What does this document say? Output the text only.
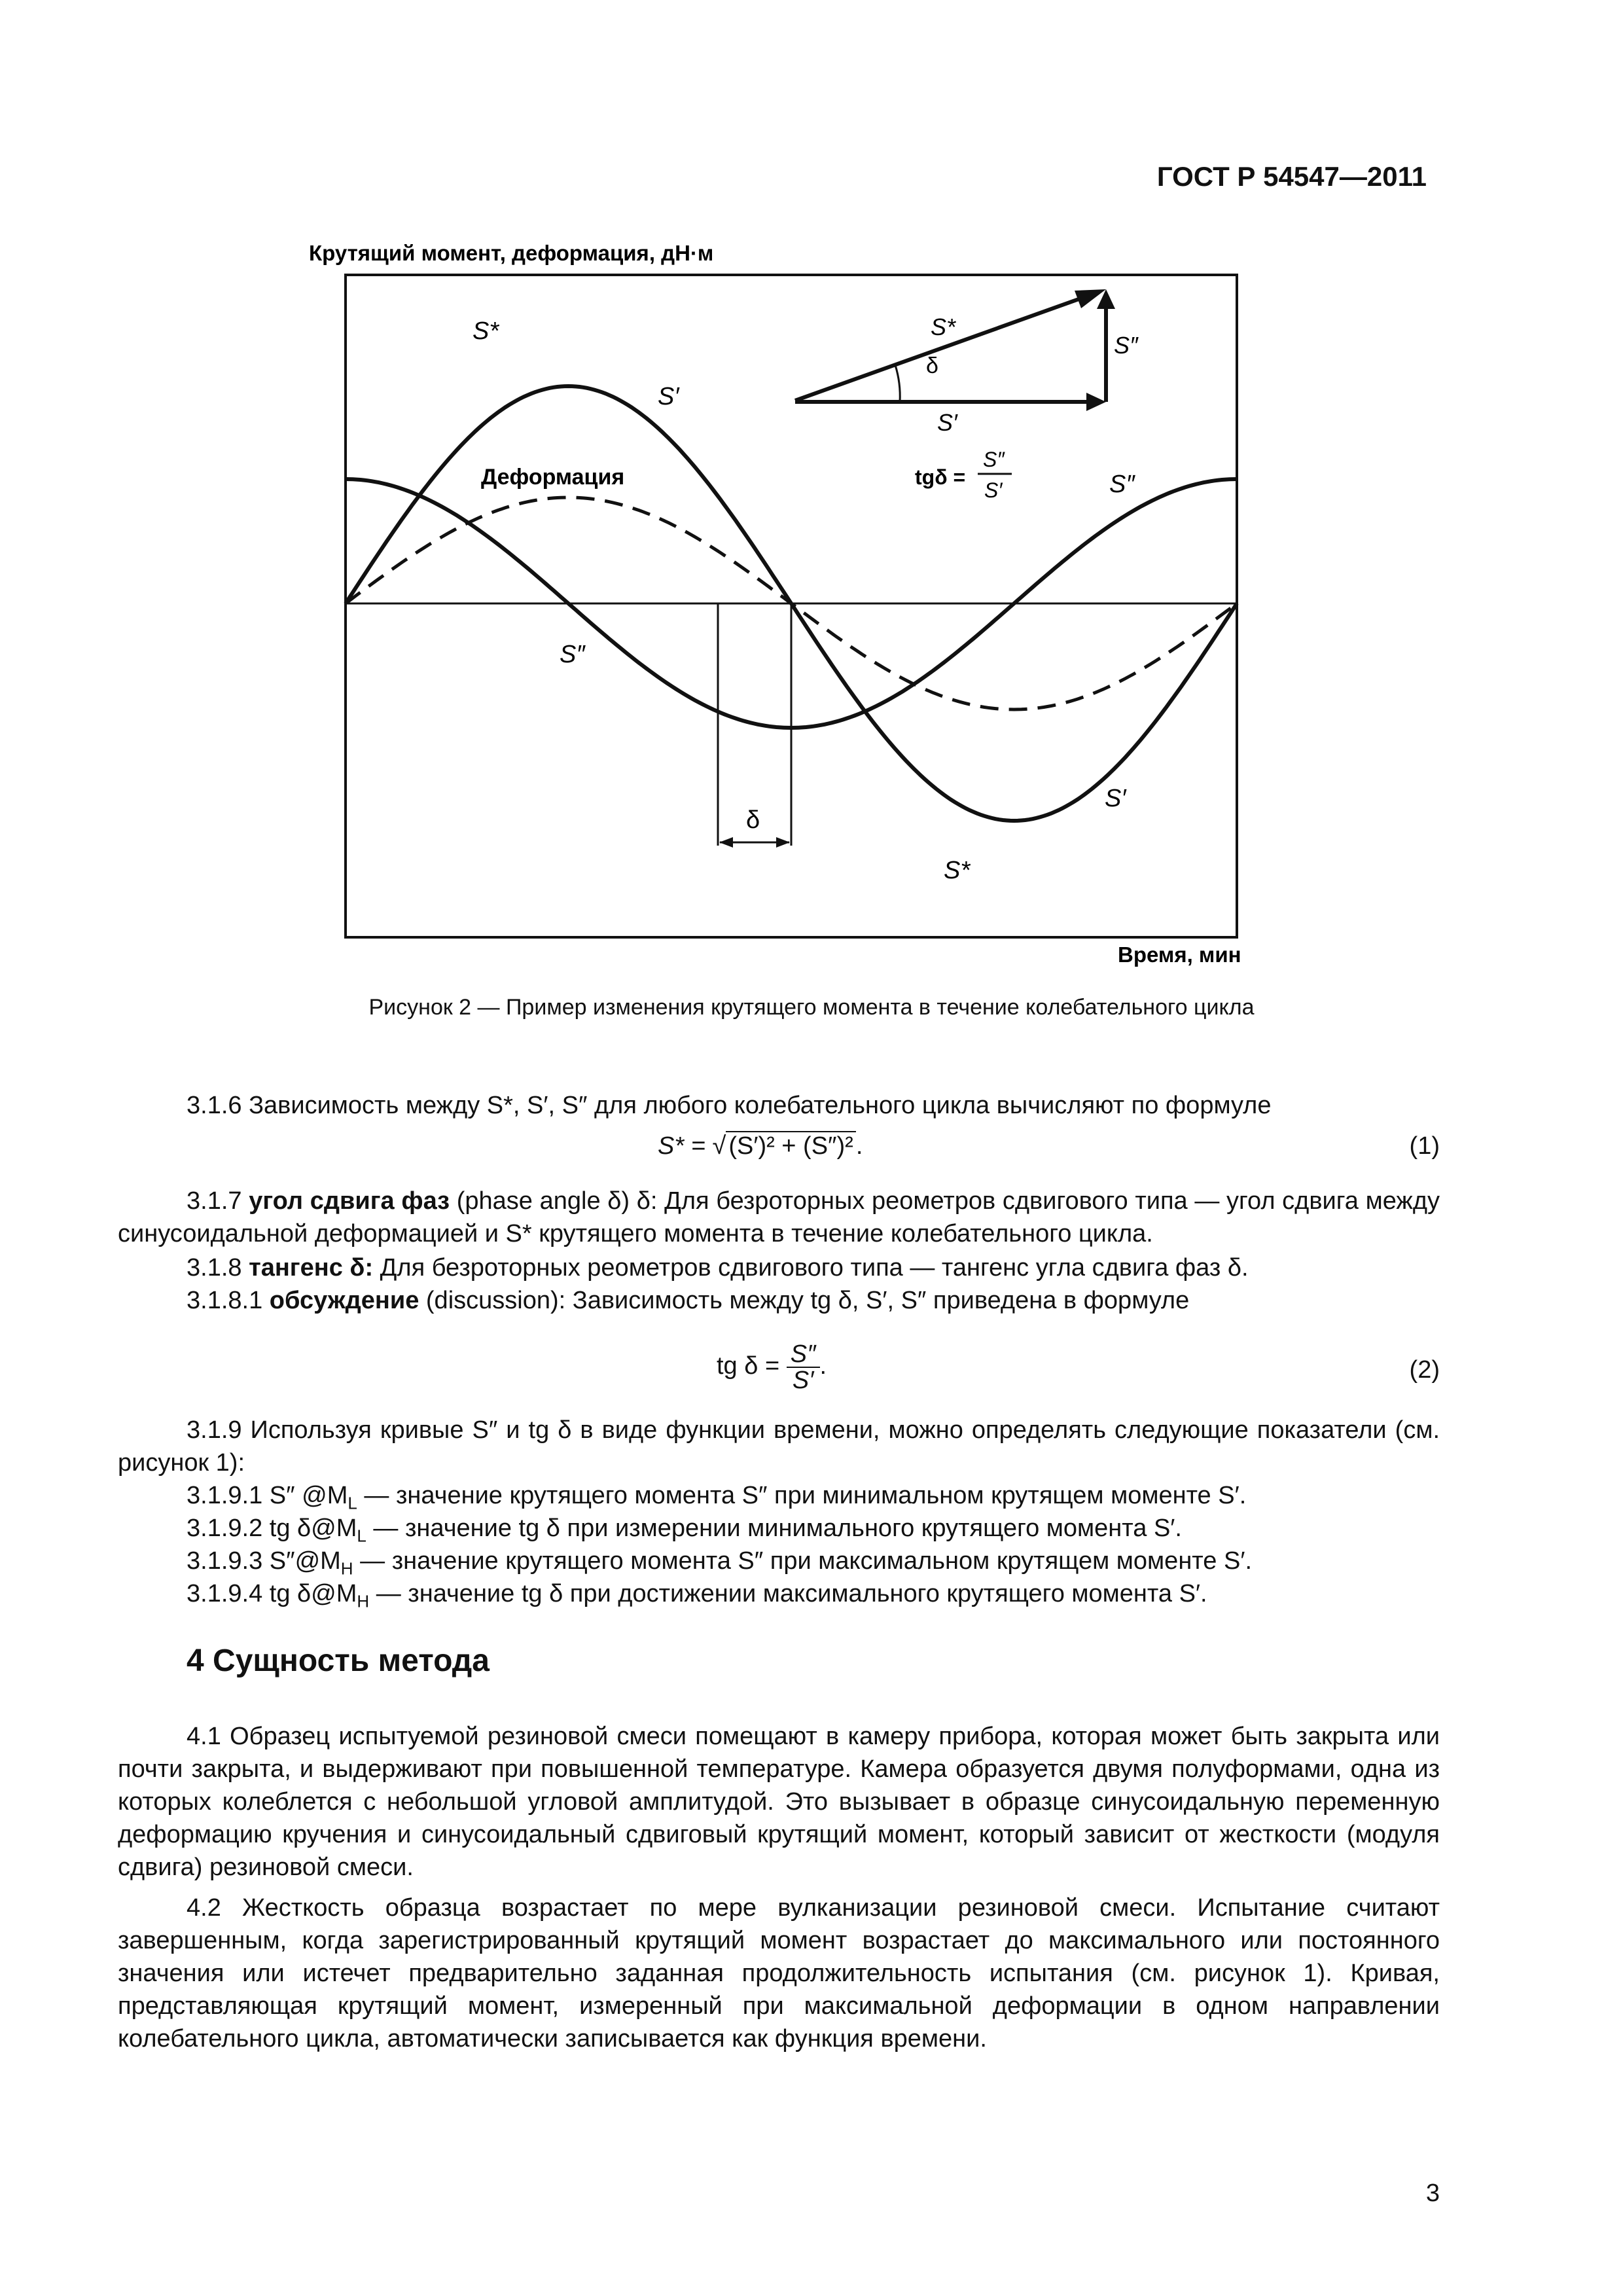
ГОСТ Р 54547—2011
Крутящий момент, деформация, дН·м
δ
S*
S′
Деформация
S″
S′
S*
S″
S*
δ
S″
S′
tgδ =
S″
S′
Время, мин
Рисунок 2 — Пример изменения крутящего момента в течение колебательного цикла
3.1.6 Зависимость между S*, S′, S″ для любого колебательного цикла вычисляют по формуле
S* = √ (S′)² + (S″)² .	(1)
3.1.7 угол сдвига фаз (phase angle δ) δ: Для безроторных реометров сдвигового типа — угол сдвига между синусоидальной деформацией и S* крутящего момента в течение колебательного цикла.
3.1.8 тангенс δ: Для безроторных реометров сдвигового типа — тангенс угла сдвига фаз δ.
3.1.8.1 обсуждение (discussion): Зависимость между tg δ, S′, S″ приведена в формуле
tg $\delta = \frac{S''}{S'}$ .	(2)
3.1.9 Используя кривые S″ и tg δ в виде функции времени, можно определять следующие показатели (см. рисунок 1):
3.1.9.1 S″ $@M_L$ — значение крутящего момента S″ при минимальном крутящем моменте S′.
3.1.9.2 tg $\delta@M_L$ — значение tg δ при измерении минимального крутящего момента S′.
3.1.9.3 $S''@M_H$ — значение крутящего момента S″ при максимальном крутящем моменте S′.
3.1.9.4 tg $\delta@M_H$ — значение tg δ при достижении максимального крутящего момента S′.
4 Сущность метода
4.1 Образец испытуемой резиновой смеси помещают в камеру прибора, которая может быть закрыта или почти закрыта, и выдерживают при повышенной температуре. Камера образуется двумя полуформами, одна из которых колеблется с небольшой угловой амплитудой. Это вызывает в образце синусоидальную переменную деформацию кручения и синусоидальный сдвиговый крутящий момент, который зависит от жесткости (модуля сдвига) резиновой смеси.
4.2 Жесткость образца возрастает по мере вулканизации резиновой смеси. Испытание считают завершенным, когда зарегистрированный крутящий момент возрастает до максимального или постоянного значения или истечет предварительно заданная продолжительность испытания (см. рисунок 1). Кривая, представляющая крутящий момент, измеренный при максимальной деформации в одном направлении колебательного цикла, автоматически записывается как функция времени.
3
